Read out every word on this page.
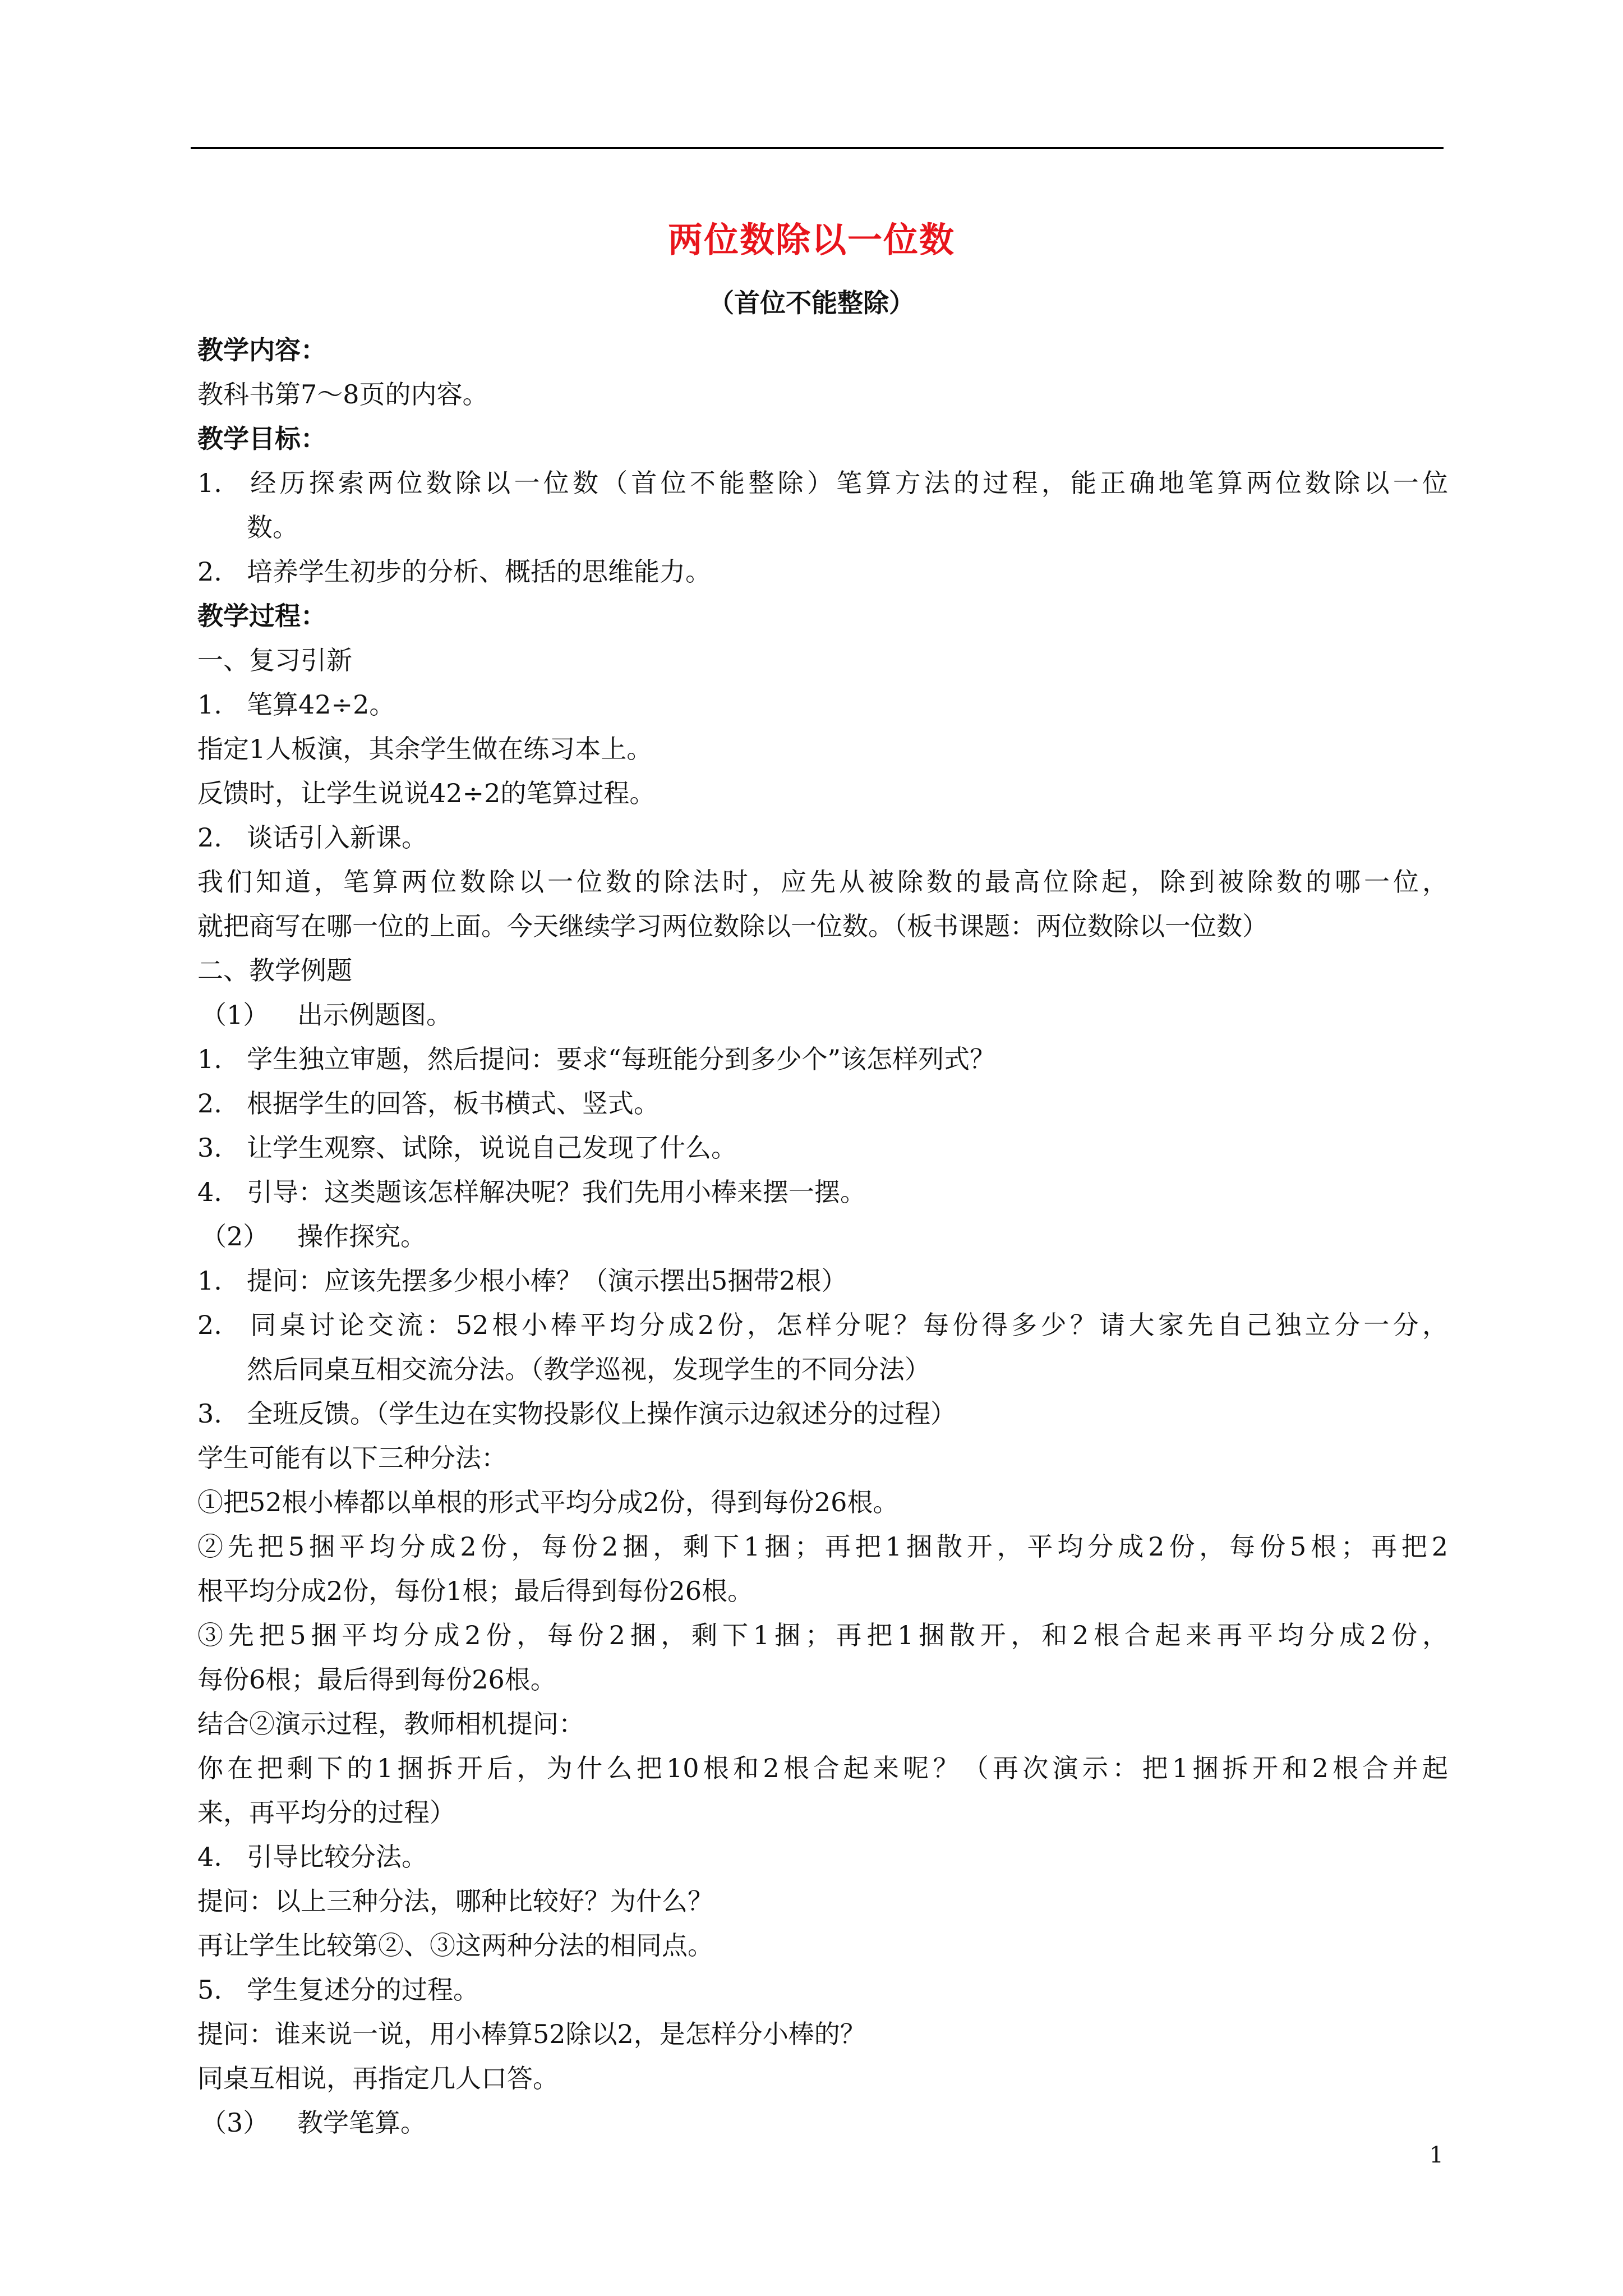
两位数除以一位数
（首位不能整除）
教学内容：
教科书第7～8页的内容。
教学目标：
1. 经历探索两位数除以一位数（首位不能整除）笔算方法的过程，能正确地笔算两位数除以一位
数。
2. 培养学生初步的分析、概括的思维能力。
教学过程：
一、复习引新
1. 笔算42÷2。
指定1人板演，其余学生做在练习本上。
反馈时，让学生说说42÷2的笔算过程。
2. 谈话引入新课。
我们知道，笔算两位数除以一位数的除法时，应先从被除数的最高位除起，除到被除数的哪一位，
就把商写在哪一位的上面。今天继续学习两位数除以一位数。（板书课题：两位数除以一位数）
二、教学例题
（1） 出示例题图。
1. 学生独立审题，然后提问：要求“每班能分到多少个”该怎样列式？
2. 根据学生的回答，板书横式、竖式。
3. 让学生观察、试除，说说自己发现了什么。
4. 引导：这类题该怎样解决呢？我们先用小棒来摆一摆。
（2） 操作探究。
1. 提问：应该先摆多少根小棒？（演示摆出5捆带2根）
2. 同桌讨论交流：52根小棒平均分成2份，怎样分呢？每份得多少？请大家先自己独立分一分，
然后同桌互相交流分法。（教学巡视，发现学生的不同分法）
3. 全班反馈。（学生边在实物投影仪上操作演示边叙述分的过程）
学生可能有以下三种分法：
①把52根小棒都以单根的形式平均分成2份，得到每份26根。
②先把5捆平均分成2份，每份2捆，剩下1捆；再把1捆散开，平均分成2份，每份5根；再把2
根平均分成2份，每份1根；最后得到每份26根。
③先把5捆平均分成2份，每份2捆，剩下1捆；再把1捆散开，和2根合起来再平均分成2份，
每份6根；最后得到每份26根。
结合②演示过程，教师相机提问：
你在把剩下的1捆拆开后，为什么把10根和2根合起来呢？（再次演示：把1捆拆开和2根合并起
来，再平均分的过程）
4. 引导比较分法。
提问：以上三种分法，哪种比较好？为什么？
再让学生比较第②、③这两种分法的相同点。
5. 学生复述分的过程。
提问：谁来说一说，用小棒算52除以2，是怎样分小棒的？
同桌互相说，再指定几人口答。
（3） 教学笔算。
1
